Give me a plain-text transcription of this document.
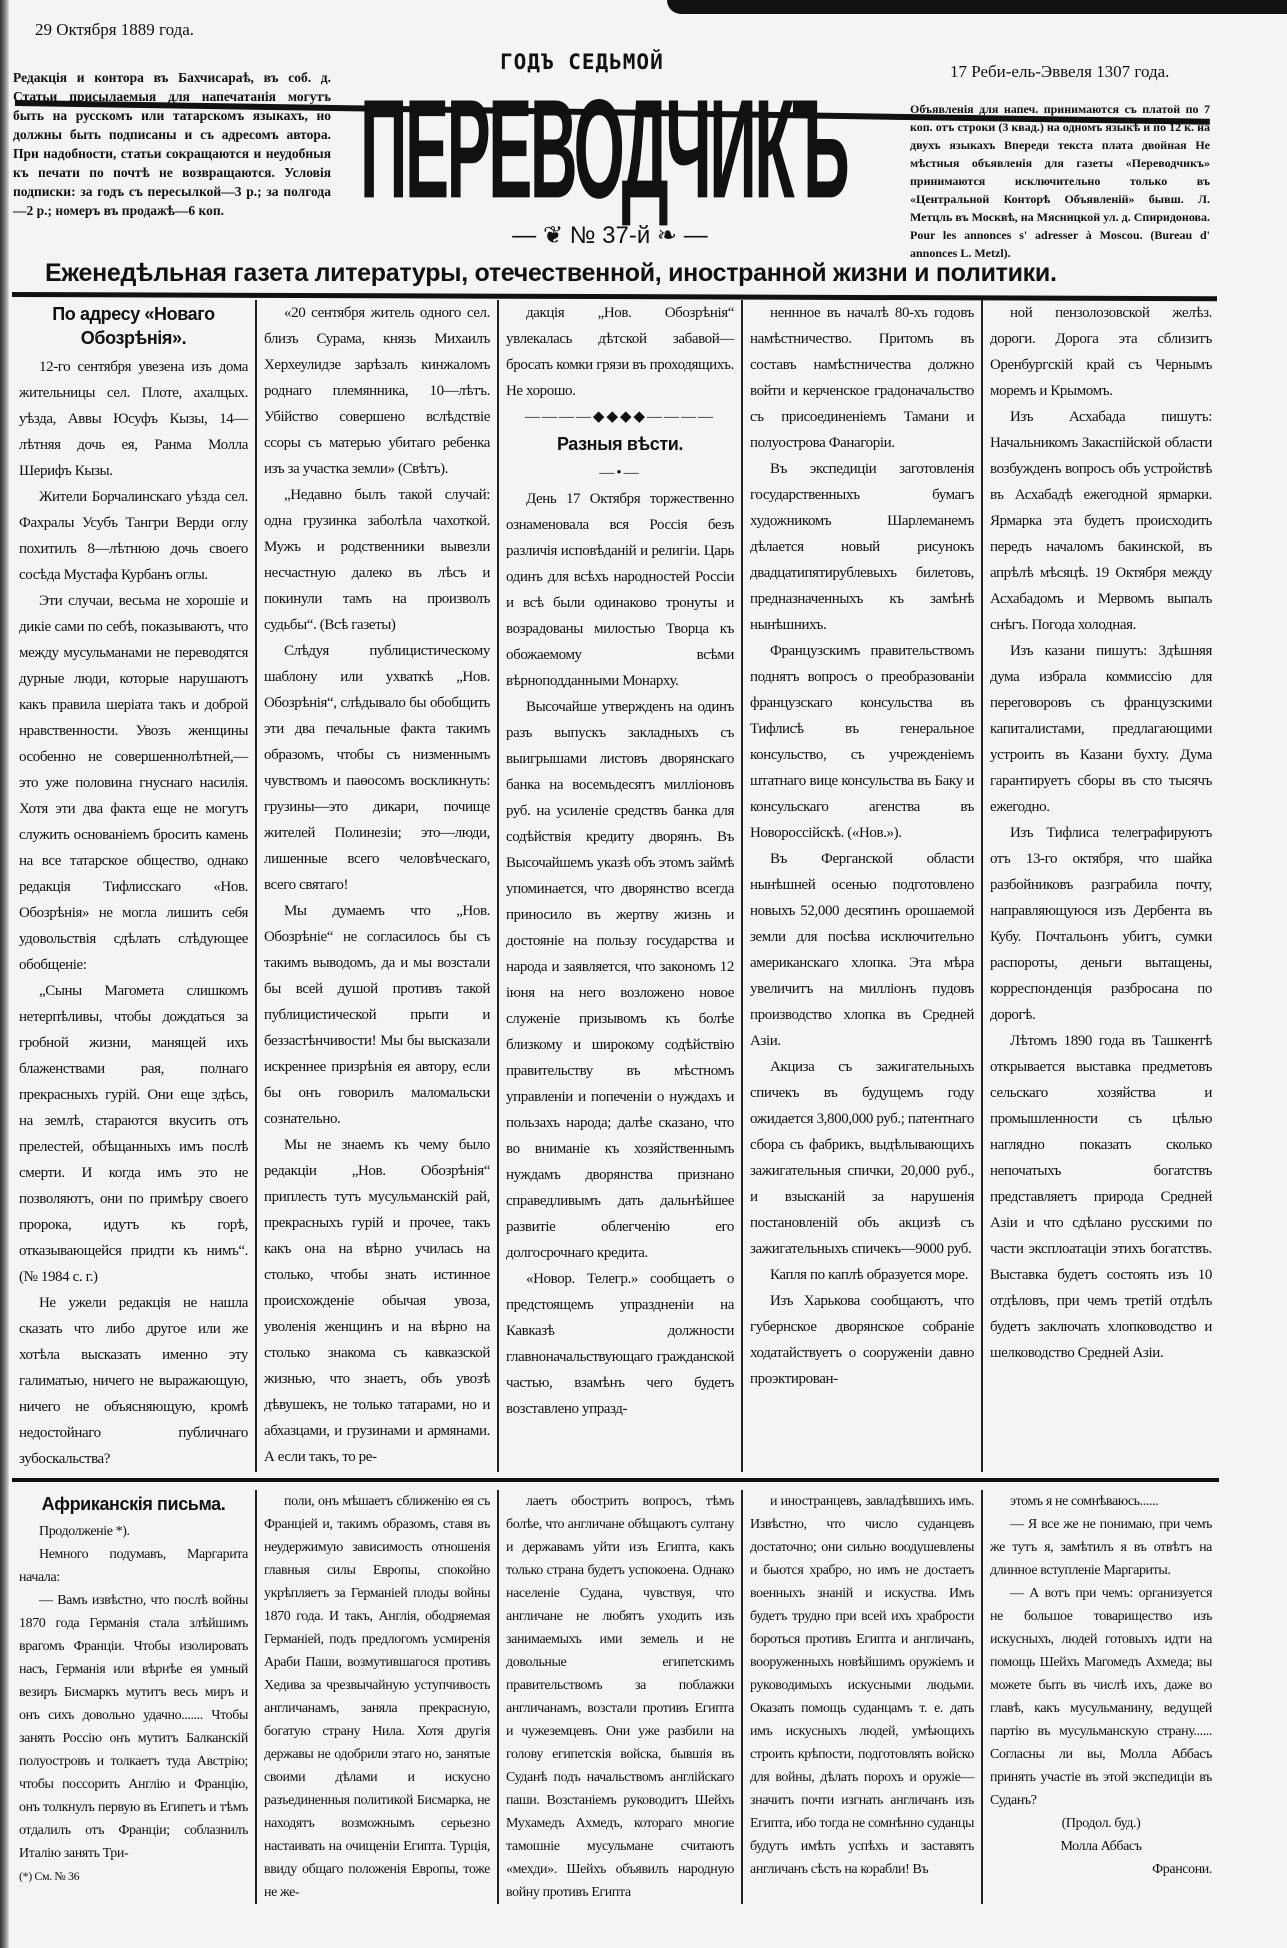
29 Октября 1889 года.
ГОДЪ СЕДЬМОЙ	17 Реби-ель-Эввеля 1307 года.
Редакція и контора въ Бахчисараѣ, въ соб. д. Статьи присылаемыя для напечатанія могутъ быть на русскомъ или татарскомъ языкахъ, но должны быть подписаны и съ адресомъ автора. При надобности, статьи сокращаются и неудобныя къ печати по почтѣ не возвращаются. Условія подписки: за годъ съ пересылкой—3 р.; за полгода—2 р.; номеръ въ продажѣ—6 коп.	ПЕРЕВОДЧИКЪ	Объявленія для напеч. принимаются съ платой по 7 коп. отъ строки (3 квад.) на одномъ языкѣ и по 12 к. на двухъ языкахъ Впереди текста плата двойная Не мѣстныя объявленія для газеты «Переводчикъ» принимаются исключительно только въ «Центральной Конторѣ Объявленій» бывш. Л. Метцль въ Москвѣ, на Мясницкой ул. д. Спиридонова. Pour les annonces s' adresser à Moscou. (Bureau d' annonces L. Metzl).
— ❦ № 37-й ❧ —
Еженедѣльная газета литературы, отечественной, иностранной жизни и политики.

По адресу «Новаго Обозрѣнія».

12-го сентября увезена изъ дома жительницы сел. Плоте, ахалцых. уѣзда, Аввы Юсуфъ Кызы, 14—лѣтняя дочь ея, Ранма Молла Шерифъ Кызы.

Жители Борчалинскаго уѣзда сел. Фахралы Усубъ Тангри Верди оглу похитилъ 8—лѣтнюю дочь своего сосѣда Мустафа Курбанъ оглы.

Эти случаи, весьма не хорошіе и дикіе сами по себѣ, показываютъ, что между мусульманами не переводятся дурные люди, которые нарушаютъ какъ правила шеріата такъ и доброй нравственности. Увозъ женщины особенно не совершеннолѣтней,—это уже половина гнуснаго насилія. Хотя эти два факта еще не могутъ служить основаніемъ бросить камень на все татарское общество, однако редакція Тифлисскаго «Нов. Обозрѣнія» не могла лишить себя удовольствія сдѣлать слѣдующее обобщеніе:

„Сыны Магомета слишкомъ нетерпѣливы, чтобы дождаться за гробной жизни, манящей ихъ блаженствами рая, полнаго прекрасныхъ гурій. Они еще здѣсь, на землѣ, стараются вкусить отъ прелестей, обѣщанныхъ имъ послѣ смерти. И когда имъ это не позволяютъ, они по примѣру своего пророка, идутъ къ горѣ, отказывающейся придти къ нимъ“. (№ 1984 с. г.)

Не ужели редакція не нашла сказать что либо другое или же хотѣла высказать именно эту галиматью, ничего не выражающую, ничего не объясняющую, кромѣ недостойнаго публичнаго зубоскальства?

«20 сентября житель одного сел. близъ Сурама, князь Михаилъ Херхеулидзе зарѣзалъ кинжаломъ роднаго племянника, 10—лѣтъ. Убійство совершено вслѣдствіе ссоры съ матерью убитаго ребенка изъ за участка земли» (Свѣтъ).

„Недавно былъ такой случай: одна грузинка заболѣла чахоткой. Мужъ и родственники вывезли несчастную далеко въ лѣсъ и покинули тамъ на произволъ судьбы“. (Всѣ газеты)

Слѣдуя публицистическому шаблону или ухваткѣ „Нов. Обозрѣнія“, слѣдывало бы обобщить эти два печальные факта такимъ образомъ, чтобы съ низменнымъ чувствомъ и паѳосомъ воскликнуть: грузины—это дикари, почище жителей Полинезіи; это—люди, лишенные всего человѣческаго, всего святаго!

Мы думаемъ что „Нов. Обозрѣніе“ не согласилось бы съ такимъ выводомъ, да и мы возстали бы всей душой противъ такой публицистической прыти и беззастѣнчивости! Мы бы высказали искреннее призрѣнія ея автору, если бы онъ говорилъ маломальски сознательно.

Мы не знаемъ къ чему было редакціи „Нов. Обозрѣнія“ приплесть тутъ мусульманскій рай, прекрасныхъ гурій и прочее, такъ какъ она на вѣрно училась на столько, чтобы знать истинное происхожденіе обычая увоза, уволенія женщинъ и на вѣрно на столько знакома съ кавказской жизнью, что знаетъ, объ увозѣ дѣвушекъ, не только татарами, но и абхазцами, и грузинами и армянами. А если такъ, то ре-

дакція „Нов. Обозрѣнія“ увлекалась дѣтской забавой—бросать комки грязи въ проходящихъ. Не хорошо.

————◆◆◆◆————

Разныя вѣсти.

—•—

День 17 Октября торжественно ознаменовала вся Россія безъ различія исповѣданій и религіи. Царь одинъ для всѣхъ народностей Россіи и всѣ были одинаково тронуты и возрадованы милостью Творца къ обожаемому всѣми вѣрноподданными Монарху.

Высочайше утвержденъ на одинъ разъ выпускъ закладныхъ съ выигрышами листовъ дворянскаго банка на восемьдесятъ милліоновъ руб. на усиленіе средствъ банка для содѣйствія кредиту дворянъ. Въ Высочайшемъ указѣ объ этомъ займѣ упоминается, что дворянство всегда приносило въ жертву жизнь и достояніе на пользу государства и народа и заявляется, что закономъ 12 іюня на него возложено новое служеніе призывомъ къ болѣе близкому и широкому содѣйствію правительству въ мѣстномъ управленіи и попеченіи о нуждахъ и пользахъ народа; далѣе сказано, что во вниманіе къ хозяйственнымъ нуждамъ дворянства признано справедливымъ дать дальнѣйшее развитіе облегченію его долгосрочнаго кредита.

«Новор. Телегр.» сообщаетъ о предстоящемъ упраздненіи на Кавказѣ должности главноначальствующаго гражданской частью, взамѣнъ чего будетъ возставлено упразд-

неннное въ началѣ 80-хъ годовъ намѣстничество. Притомъ въ составъ намѣстничества должно войти и керченское градоначальство съ присоединеніемъ Тамани и полуострова Фанагоріи.

Въ экспедиціи заготовленія государственныхъ бумагъ художникомъ Шарлеманемъ дѣлается новый рисунокъ двадцатипятирублевыхъ билетовъ, предназначенныхъ къ замѣнѣ нынѣшнихъ.

Французскимъ правительствомъ поднятъ вопросъ о преобразованіи французскаго консульства въ Тифлисѣ въ генеральное консульство, съ учрежденіемъ штатнаго вице консульства въ Баку и консульскаго агенства въ Новороссійскѣ. («Нов.»).

Въ Ферганской области нынѣшней осенью подготовлено новыхъ 52,000 десятинъ орошаемой земли для посѣва исключительно американскаго хлопка. Эта мѣра увеличитъ на милліонъ пудовъ производство хлопка въ Средней Азіи.

Акциза съ зажигательныхъ спичекъ въ будущемъ году ожидается 3,800,000 руб.; патентнаго сбора съ фабрикъ, выдѣлывающихъ зажигательныя спички, 20,000 руб., и взысканій за нарушенія постановленій объ акцизѣ съ зажигательныхъ спичекъ—9000 руб.

Капля по каплѣ образуется море.

Изъ Харькова сообщаютъ, что губернское дворянское собраніе ходатайствуетъ о сооруженіи давно проэктирован-

ной пензолозовской желѣз. дороги. Дорога эта сблизитъ Оренбургскій край съ Чернымъ моремъ и Крымомъ.

Изъ Асхабада пишутъ: Начальникомъ Закаспійской области возбужденъ вопросъ объ устройствѣ въ Асхабадѣ ежегодной ярмарки. Ярмарка эта будетъ происходить передъ началомъ бакинской, въ апрѣлѣ мѣсяцѣ. 19 Октября между Асхабадомъ и Мервомъ выпалъ снѣгъ. Погода холодная.

Изъ казани пишутъ: Здѣшняя дума избрала коммиссію для переговоровъ съ французскими капиталистами, предлагающими устроить въ Казани бухту. Дума гарантируетъ сборы въ сто тысячъ ежегодно.

Изъ Тифлиса телеграфируютъ отъ 13-го октября, что шайка разбойниковъ разграбила почту, направляющуюся изъ Дербента въ Кубу. Почтальонъ убитъ, сумки распороты, деньги вытащены, корреспонденція разбросана по дорогѣ.

Лѣтомъ 1890 года въ Ташкентѣ открывается выставка предметовъ сельскаго хозяйства и промышленности съ цѣлью наглядно показать сколько непочатыхъ богатствъ представляетъ природа Средней Азіи и что сдѣлано русскими по части эксплоатаціи этихъ богатствъ. Выставка будетъ состоять изъ 10 отдѣловъ, при чемъ третій отдѣлъ будетъ заключать хлопководство и шелководство Средней Азіи.

Африканскія письма.

Продолженіе *).

Немного подумавъ, Маргарита начала:

— Вамъ извѣстно, что послѣ войны 1870 года Германія стала злѣйшимъ врагомъ Франціи. Чтобы изолировать насъ, Германія или вѣрнѣе ея умный везиръ Бисмаркъ мутитъ весь миръ и онъ сихъ довольно удачно....... Чтобы занять Россію онъ мутитъ Балканскій полуостровъ и толкаетъ туда Австрію; чтобы поссорить Англію и Францію, онъ толкнулъ первую въ Египетъ и тѣмъ отдалилъ отъ Франціи; соблазнилъ Италію занять Три-

(*) См. № 36

поли, онъ мѣшаетъ сближенію ея съ Франціей и, такимъ образомъ, ставя въ неудержимую зависимость отношенія главныя силы Европы, спокойно укрѣпляетъ за Германіей плоды войны 1870 года. И такъ, Англія, ободряемая Германіей, подъ предлогомъ усмиренія Араби Паши, возмутившагося противъ Хедива за чрезвычайную уступчивость англичанамъ, заняла прекрасную, богатую страну Нила. Хотя другія державы не одобрили этаго но, занятые своими дѣлами и искусно разъединенныя политикой Бисмарка, не находятъ возможнымъ серьезно настаивать на очищеніи Египта. Турція, ввиду общаго положенія Европы, тоже не же-

лаетъ обострить вопросъ, тѣмъ болѣе, что англичане обѣщаютъ султану и державамъ уйти изъ Египта, какъ только страна будетъ успокоена. Однако населеніе Судана, чувствуя, что англичане не любятъ уходить изъ занимаемыхъ ими земель и не довольные египетскимъ правительствомъ за поблажки англичанамъ, возстали противъ Египта и чужеземцевъ. Они уже разбили на голову египетскія войска, бывшія въ Суданѣ подъ начальствомъ англійскаго паши. Возстаніемъ руководитъ Шейхъ Мухамедъ Ахмедъ, котораго многие тамошніе мусульмане считаютъ «мехди». Шейхъ объявилъ народную войну противъ Египта

и иностранцевъ, завладѣвшихъ имъ. Извѣстно, что число суданцевъ достаточно; они сильно воодушевлены и бьются храбро, но имъ не достаетъ военныхъ знаній и искуства. Имъ будетъ трудно при всей ихъ храбрости бороться противъ Египта и англичанъ, вооруженныхъ новѣйшимъ оружіемъ и руководимыхъ искусными людьми. Оказать помощь суданцамъ т. е. дать имъ искусныхъ людей, умѣющихъ строить крѣпости, подготовлять войско для войны, дѣлать порохъ и оружіе—значитъ почти изгнать англичанъ изъ Египта, ибо тогда не сомнѣнно суданцы будутъ имѣть успѣхъ и заставятъ англичанъ сѣсть на корабли! Въ

этомъ я не сомнѣваюсь......

— Я все же не понимаю, при чемъ же тутъ я, замѣтилъ я въ отвѣтъ на длинное вступленіе Маргариты.

— А вотъ при чемъ: организуется не большое товарищество изъ искусныхъ, людей готовыхъ идти на помощь Шейхъ Магомедъ Ахмеда; вы можете быть въ числѣ ихъ, даже во главѣ, какъ мусульманину, ведущей партію въ мусульманскую страну...... Согласны ли вы, Молла Аббасъ принять участіе въ этой экспедиціи въ Суданъ?

(Продол. буд.)

Молла Аббасъ

Франсони.
